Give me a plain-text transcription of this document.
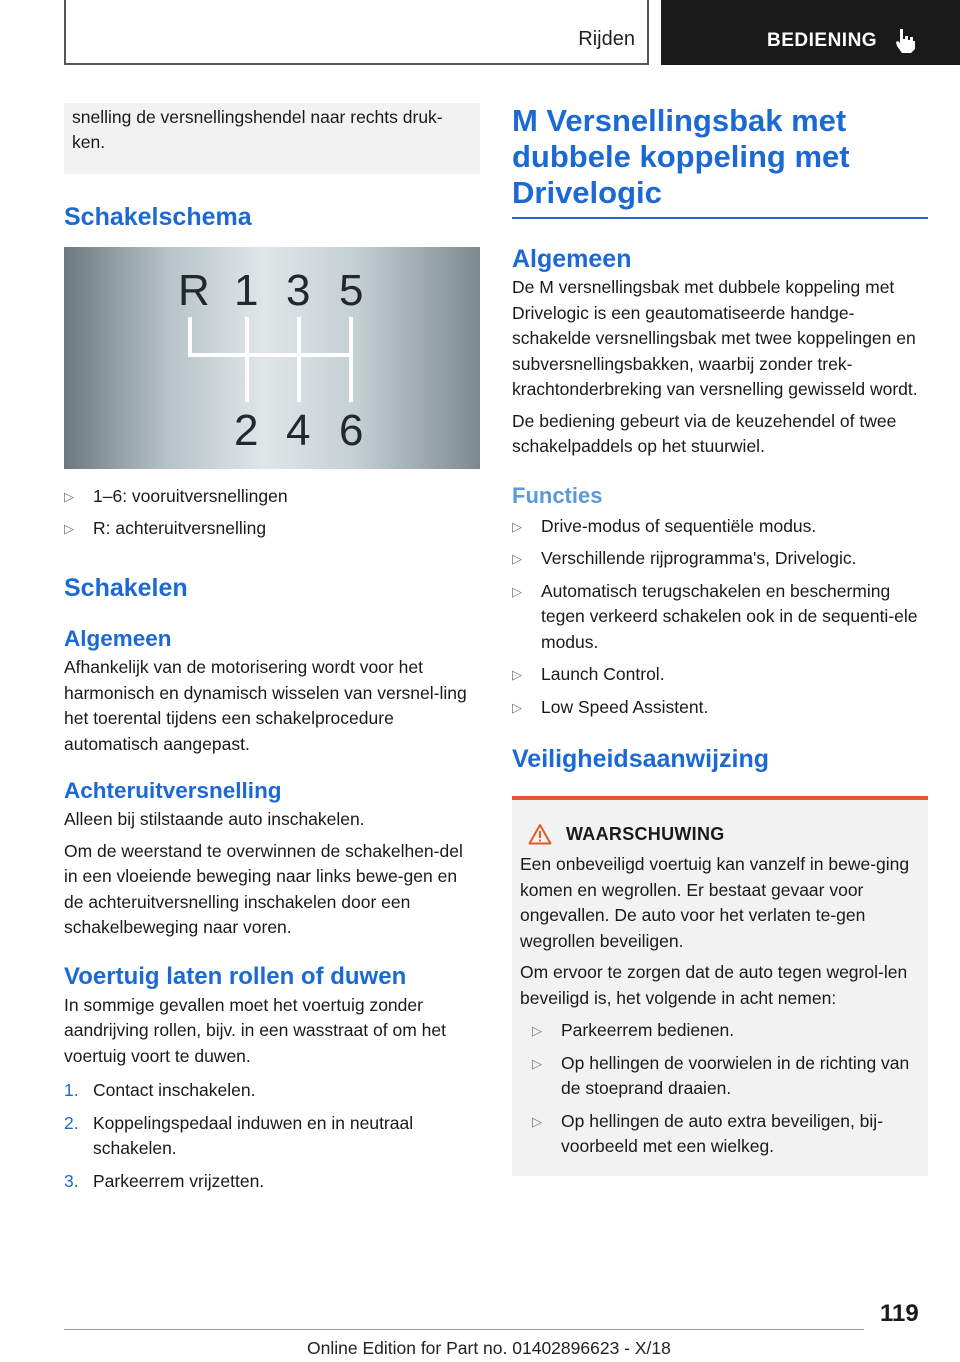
Rijden	BEDIENING
snelling de versnellingshendel naar rechts druk-ken.
Schakelschema
R 1 3 5
2 4 6
▷	1–6: vooruitversnellingen
▷	R: achteruitversnelling
Schakelen
Algemeen

Afhankelijk van de motorisering wordt voor het harmonisch en dynamisch wisselen van versnel-ling het toerental tijdens een schakelprocedure automatisch aangepast.

Achteruitversnelling

Alleen bij stilstaande auto inschakelen.

Om de weerstand te overwinnen de schakelhen-del in een vloeiende beweging naar links bewe-gen en de achteruitversnelling inschakelen door een schakelbeweging naar voren.

Voertuig laten rollen of duwen

In sommige gevallen moet het voertuig zonder aandrijving rollen, bijv. in een wasstraat of om het voertuig voort te duwen.

1. Contact inschakelen.
2. Koppelingspedaal induwen en in neutraal schakelen.
3. Parkeerrem vrijzetten.
M Versnellingsbak met dubbele koppeling met Drivelogic
Algemeen

De M versnellingsbak met dubbele koppeling met Drivelogic is een geautomatiseerde handge-schakelde versnellingsbak met twee koppelingen en subversnellingsbakken, waarbij zonder trek-krachtonderbreking van versnelling gewisseld wordt.

De bediening gebeurt via de keuzehendel of twee schakelpaddels op het stuurwiel.

Functies
▷	Drive-modus of sequentiële modus.
▷	Verschillende rijprogramma's, Drivelogic.
▷	Automatisch terugschakelen en bescherming tegen verkeerd schakelen ook in de sequenti-ele modus.
▷	Launch Control.
▷	Low Speed Assistent.
Veiligheidsaanwijzing
WAARSCHUWING

Een onbeveiligd voertuig kan vanzelf in bewe-ging komen en wegrollen. Er bestaat gevaar voor ongevallen. De auto voor het verlaten te-gen wegrollen beveiligen.

Om ervoor te zorgen dat de auto tegen wegrol-len beveiligd is, het volgende in acht nemen:

▷	Parkeerrem bedienen.
▷	Op hellingen de voorwielen in de richting van de stoeprand draaien.
▷	Op hellingen de auto extra beveiligen, bij-voorbeeld met een wielkeg.
119
Online Edition for Part no. 01402896623 - X/18
